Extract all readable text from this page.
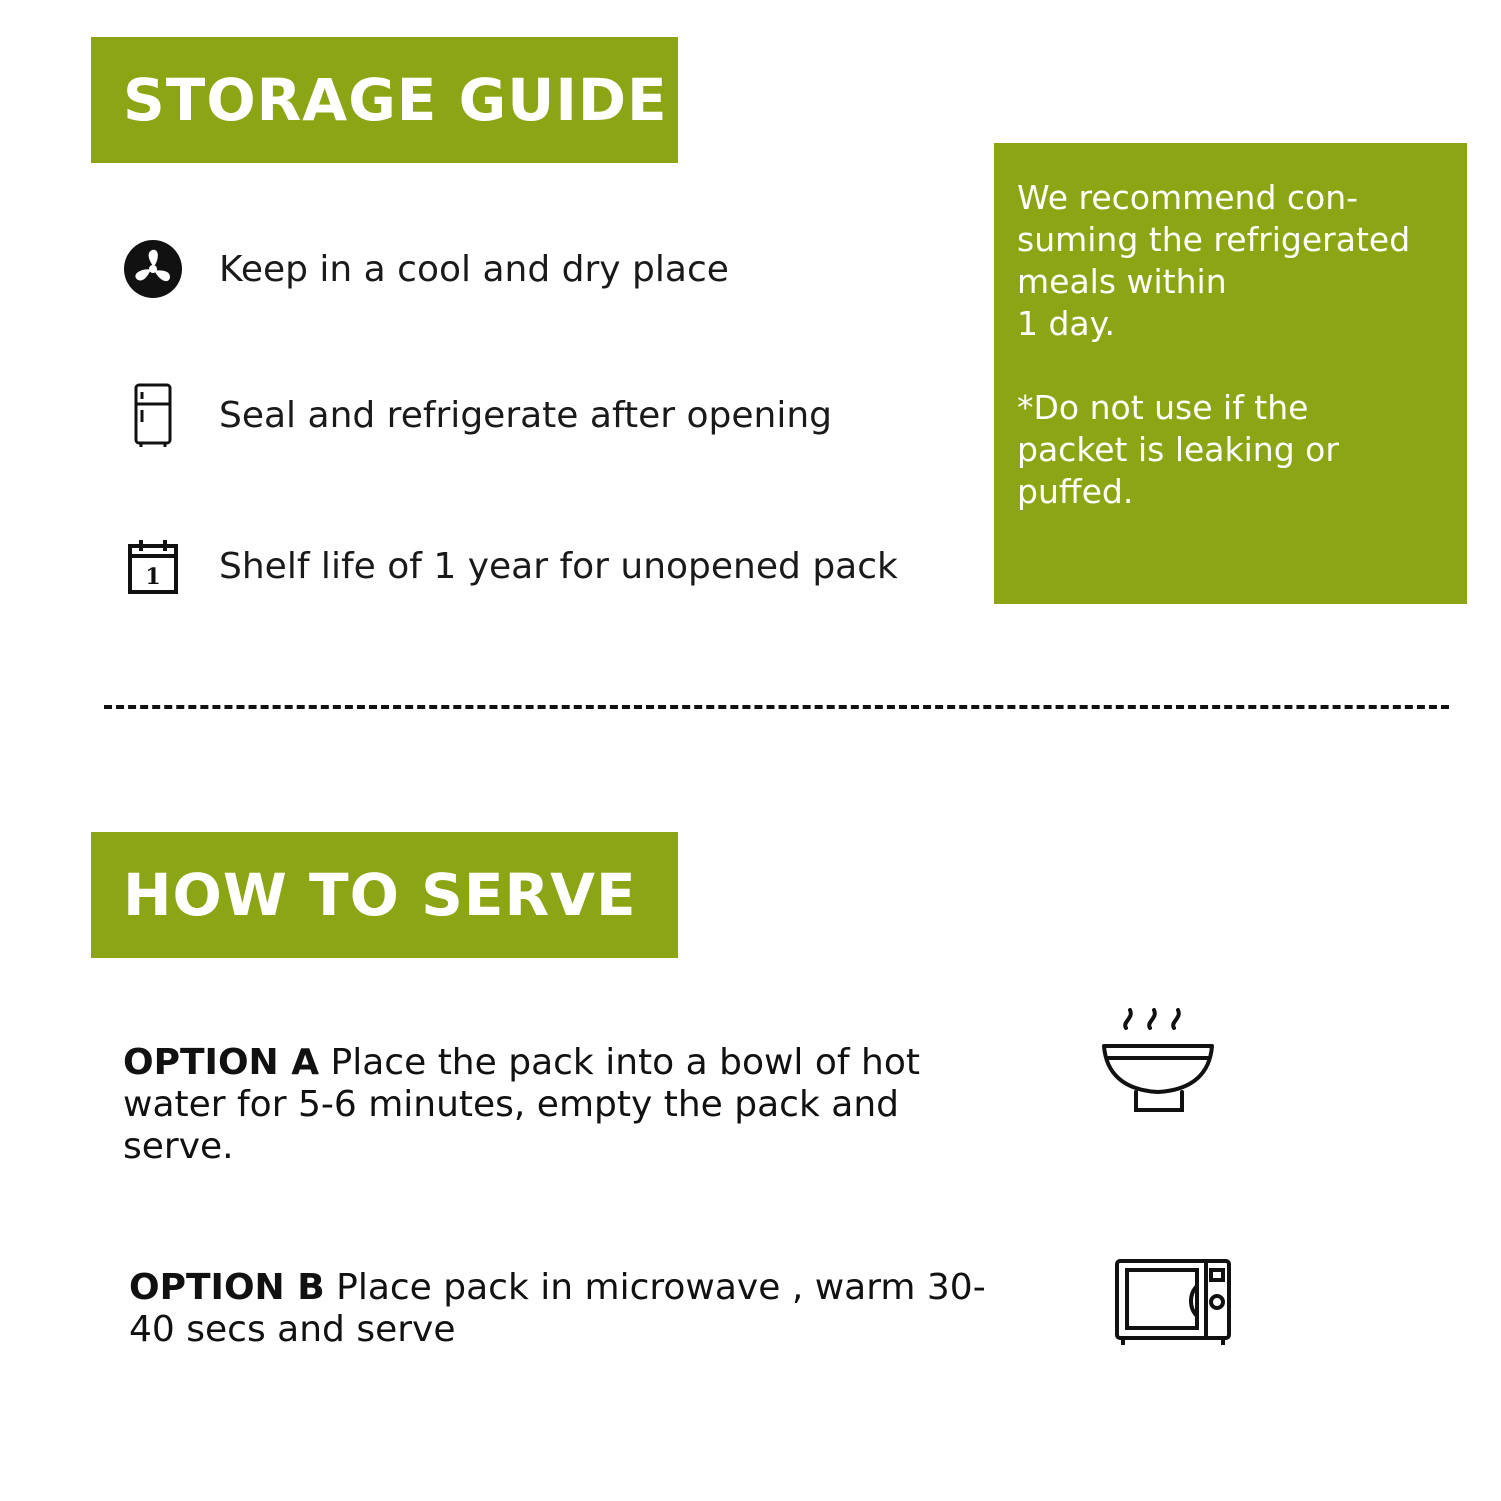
STORAGE GUIDE
Keep in a cool and dry place
Seal and refrigerate after opening
1 Shelf life of 1 year for unopened pack

We recommend con-
suming the refrigerated
meals within
1 day.

*Do not use if the
packet is leaking or
puffed.

HOW TO SERVE
OPTION A Place the pack into a bowl of hot water for 5-6 minutes, empty the pack and serve.
OPTION B Place pack in microwave , warm 30-40 secs and serve
